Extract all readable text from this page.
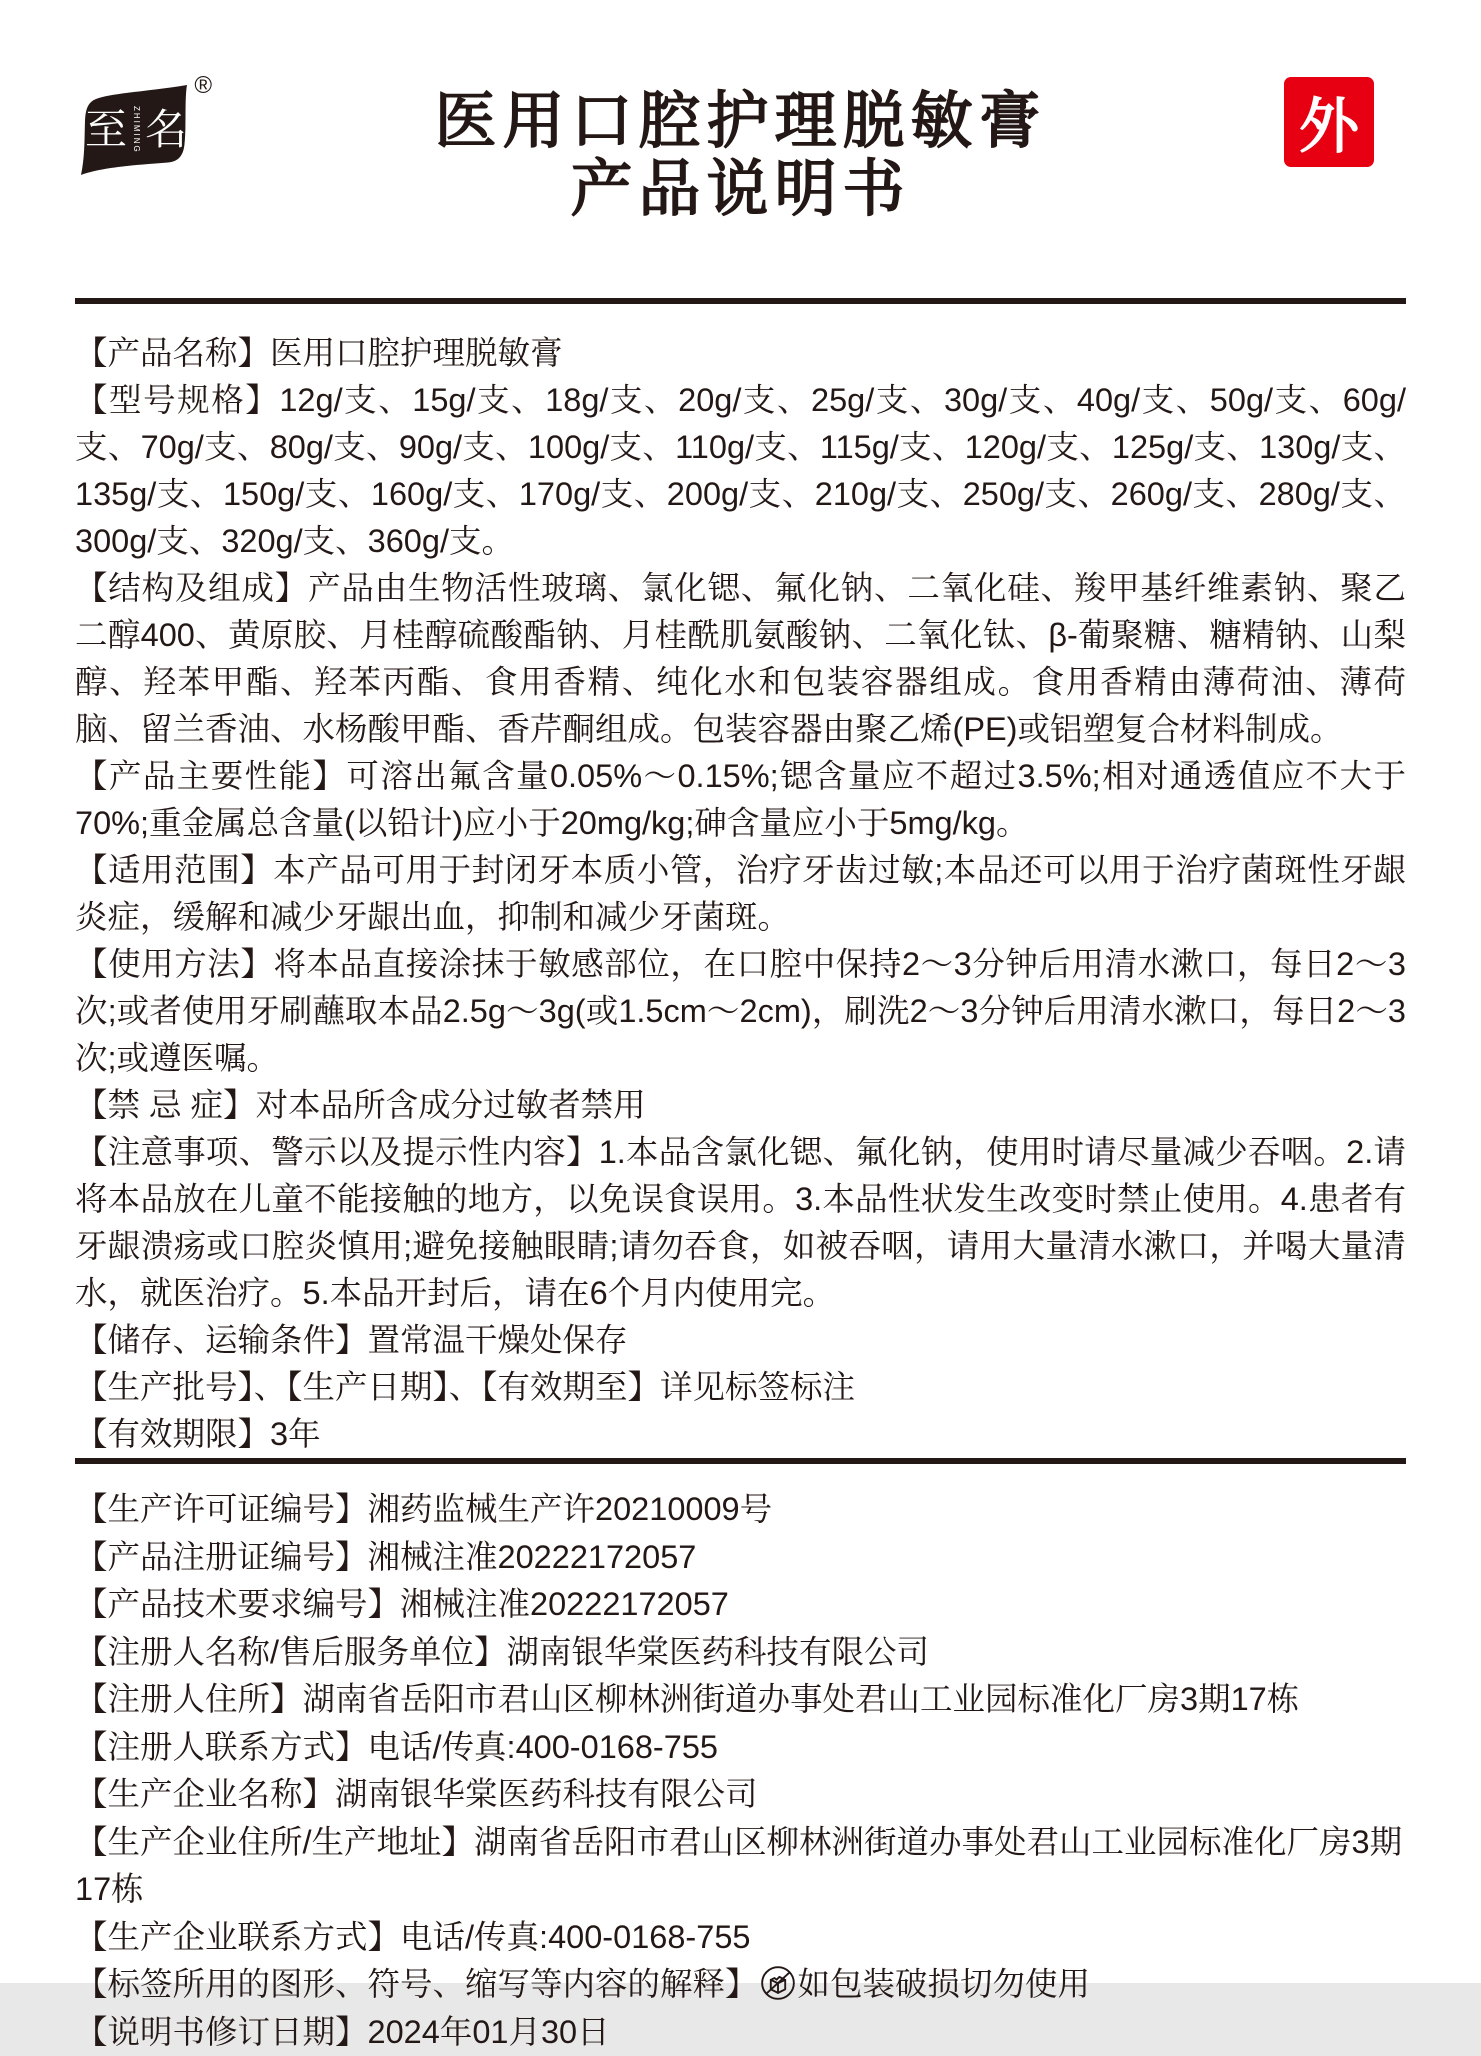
至 ZHIMING 名
®
医用口腔护理脱敏膏
产品说明书
外

【产品名称】医用口腔护理脱敏膏

【型号规格】12g/支、15g/支、18g/支、20g/支、25g/支、30g/支、40g/支、50g/支、60g/支、70g/支、80g/支、90g/支、100g/支、110g/支、115g/支、120g/支、125g/支、130g/支、135g/支、150g/支、160g/支、170g/支、200g/支、210g/支、250g/支、260g/支、280g/支、300g/支、320g/支、360g/支。

【结构及组成】产品由生物活性玻璃、氯化锶、氟化钠、二氧化硅、羧甲基纤维素钠、聚乙二醇400、黄原胶、月桂醇硫酸酯钠、月桂酰肌氨酸钠、二氧化钛、β-葡聚糖、糖精钠、山梨醇、羟苯甲酯、羟苯丙酯、食用香精、纯化水和包装容器组成。食用香精由薄荷油、薄荷脑、留兰香油、水杨酸甲酯、香芹酮组成。包装容器由聚乙烯(PE)或铝塑复合材料制成。

【产品主要性能】可溶出氟含量0.05%～0.15%;锶含量应不超过3.5%;相对通透值应不大于70%;重金属总含量(以铅计)应小于20mg/kg;砷含量应小于5mg/kg。

【适用范围】本产品可用于封闭牙本质小管，治疗牙齿过敏;本品还可以用于治疗菌斑性牙龈炎症，缓解和减少牙龈出血，抑制和减少牙菌斑。

【使用方法】将本品直接涂抹于敏感部位，在口腔中保持2～3分钟后用清水漱口，每日2～3次;或者使用牙刷蘸取本品2.5g～3g(或1.5cm～2cm)，刷洗2～3分钟后用清水漱口，每日2～3次;或遵医嘱。

【禁 忌 症】对本品所含成分过敏者禁用

【注意事项、警示以及提示性内容】1.本品含氯化锶、氟化钠，使用时请尽量减少吞咽。2.请将本品放在儿童不能接触的地方，以免误食误用。3.本品性状发生改变时禁止使用。4.患者有牙龈溃疡或口腔炎慎用;避免接触眼睛;请勿吞食，如被吞咽，请用大量清水漱口，并喝大量清水，就医治疗。5.本品开封后，请在6个月内使用完。

【储存、运输条件】置常温干燥处保存

【生产批号】、【生产日期】、【有效期至】详见标签标注

【有效期限】3年

【生产许可证编号】湘药监械生产许20210009号

【产品注册证编号】湘械注准20222172057

【产品技术要求编号】湘械注准20222172057

【注册人名称/售后服务单位】湖南银华棠医药科技有限公司

【注册人住所】湖南省岳阳市君山区柳林洲街道办事处君山工业园标准化厂房3期17栋

【注册人联系方式】电话/传真:400-0168-755

【生产企业名称】湖南银华棠医药科技有限公司

【生产企业住所/生产地址】湖南省岳阳市君山区柳林洲街道办事处君山工业园标准化厂房3期17栋

【生产企业联系方式】电话/传真:400-0168-755

【标签所用的图形、符号、缩写等内容的解释】 如包装破损切勿使用

【说明书修订日期】2024年01月30日
